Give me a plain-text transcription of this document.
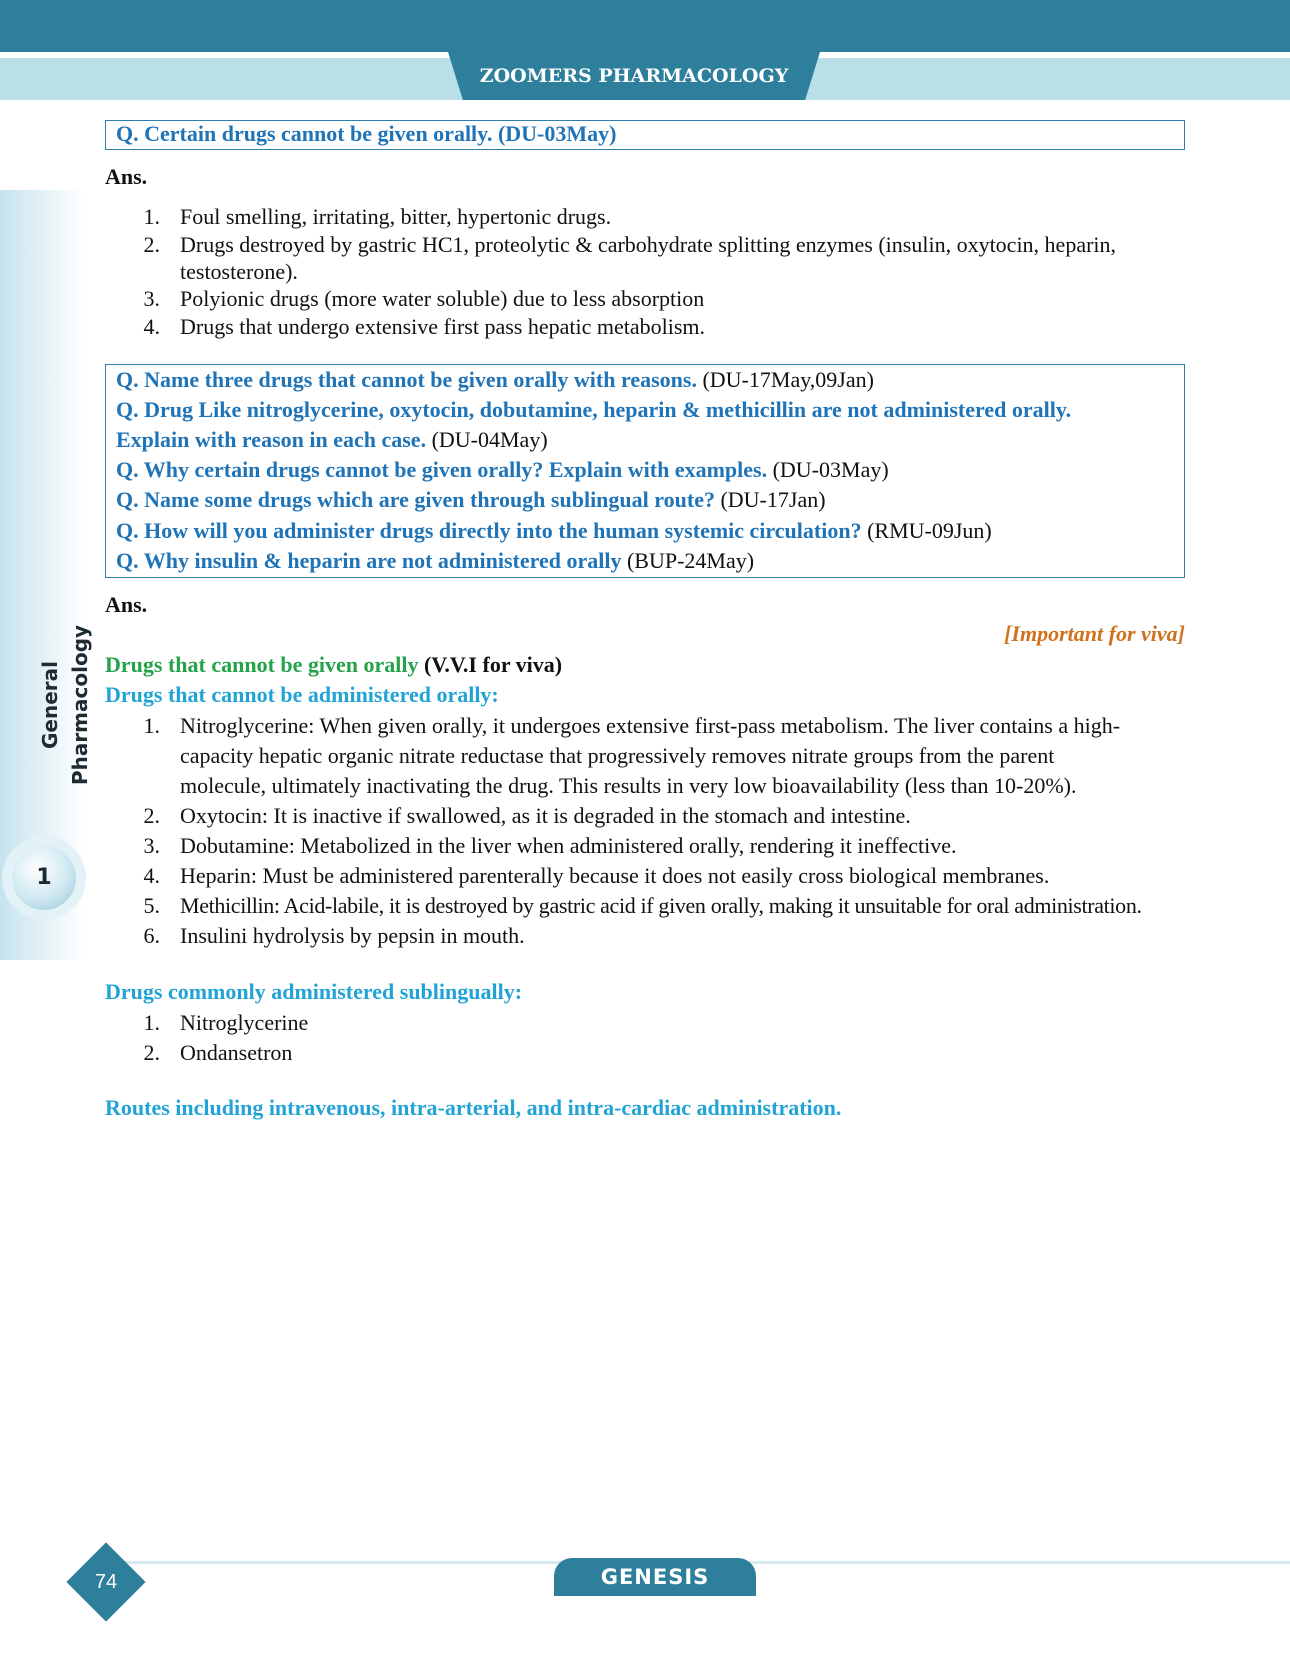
ZOOMERS PHARMACOLOGY
General Pharmacology
1
Q. Certain drugs cannot be given orally. (DU-03May)
Ans.
1. Foul smelling, irritating, bitter, hypertonic drugs.
2. Drugs destroyed by gastric HC1, proteolytic & carbohydrate splitting enzymes (insulin, oxytocin, heparin,
testosterone).
3. Polyionic drugs (more water soluble) due to less absorption
4. Drugs that undergo extensive first pass hepatic metabolism.
Q. Name three drugs that cannot be given orally with reasons. (DU-17May,09Jan)
Q. Drug Like nitroglycerine, oxytocin, dobutamine, heparin & methicillin are not administered orally.
Explain with reason in each case. (DU-04May)
Q. Why certain drugs cannot be given orally? Explain with examples. (DU-03May)
Q. Name some drugs which are given through sublingual route? (DU-17Jan)
Q. How will you administer drugs directly into the human systemic circulation? (RMU-09Jun)
Q. Why insulin & heparin are not administered orally (BUP-24May)
Ans.
[Important for viva]
Drugs that cannot be given orally (V.V.I for viva)
Drugs that cannot be administered orally:
1. Nitroglycerine: When given orally, it undergoes extensive first-pass metabolism. The liver contains a high-
capacity hepatic organic nitrate reductase that progressively removes nitrate groups from the parent
molecule, ultimately inactivating the drug. This results in very low bioavailability (less than 10-20%).
2. Oxytocin: It is inactive if swallowed, as it is degraded in the stomach and intestine.
3. Dobutamine: Metabolized in the liver when administered orally, rendering it ineffective.
4. Heparin: Must be administered parenterally because it does not easily cross biological membranes.
5. Methicillin: Acid-labile, it is destroyed by gastric acid if given orally, making it unsuitable for oral administration.
6. Insulini hydrolysis by pepsin in mouth.
Drugs commonly administered sublingually:
1. Nitroglycerine
2. Ondansetron
Routes including intravenous, intra-arterial, and intra-cardiac administration.
GENESIS
74
